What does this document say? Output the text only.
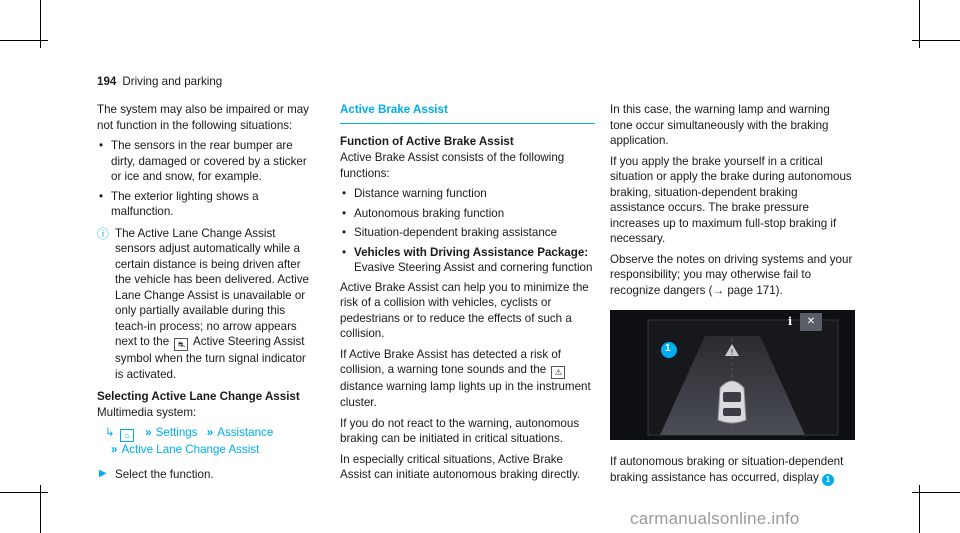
194 Driving and parking

The system may also be impaired or may not function in the following situations:

• The sensors in the rear bumper are dirty, damaged or covered by a sticker or ice and snow, for example.
• The exterior lighting shows a malfunction.
ⓘ The Active Lane Change Assist sensors adjust automatically while a certain distance is being driven after the vehicle has been delivered. Active Lane Change Assist is unavailable or only partially available during this teach-in process; no arrow appears next to the ⛐ Active Steering Assist symbol when the turn signal indicator is activated.
Selecting Active Lane Change Assist
Multimedia system:
↳ ⌂ » Settings » Assistance
» Active Lane Change Assist
▶ Select the function.
Active Brake Assist
Function of Active Brake Assist

Active Brake Assist consists of the following functions:

• Distance warning function
• Autonomous braking function
• Situation-dependent braking assistance
• Vehicles with Driving Assistance Package: Evasive Steering Assist and cornering function

Active Brake Assist can help you to minimize the risk of a collision with vehicles, cyclists or pedestrians or to reduce the effects of such a collision.

If Active Brake Assist has detected a risk of collision, a warning tone sounds and the ⚠ distance warning lamp lights up in the instrument cluster.

If you do not react to the warning, autonomous braking can be initiated in critical situations.

In especially critical situations, Active Brake Assist can initiate autonomous braking directly.

In this case, the warning lamp and warning tone occur simultaneously with the braking application.

If you apply the brake yourself in a critical situation or apply the brake during autonomous braking, situation-dependent braking assistance occurs. The brake pressure increases up to maximum full-stop braking if necessary.

Observe the notes on driving systems and your responsibility; you may otherwise fail to recognize dangers (→ page 171).

!
1
i	✕

If autonomous braking or situation-dependent braking assistance has occurred, display 1

carmanualsonline.info
